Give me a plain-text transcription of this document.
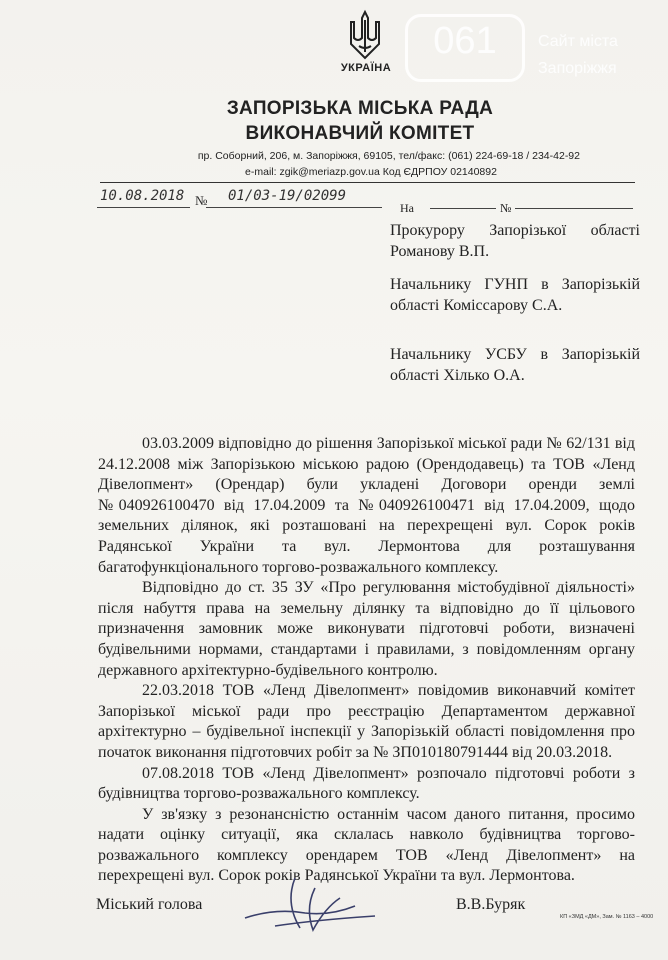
УКРАЇНА
061	Сайт міста
Запоріжжя
ЗАПОРІЗЬКА МІСЬКА РАДА
ВИКОНАВЧИЙ КОМІТЕТ
пр. Соборний, 206, м. Запоріжжя, 69105, тел/факс: (061) 224-69-18 / 234-42-92
e-mail: zgik@meriazp.gov.ua Код ЄДРПОУ 02140892
10.08.2018 № 01/03-19/02099
На	№
Прокурору Запорізької області Романову В.П.
Начальнику ГУНП в Запорізькій області Коміссарову С.А.
Начальнику УСБУ в Запорізькій області Хілько О.А.

03.03.2009 відповідно до рішення Запорізької міської ради № 62/131 від 24.12.2008 між Запорізькою міською радою (Орендодавець) та ТОВ «Ленд Дівелопмент» (Орендар) були укладені Договори оренди землі №040926100470 від 17.04.2009 та №040926100471 від 17.04.2009, щодо земельних ділянок, які розташовані на перехрещені вул. Сорок років Радянської України та вул. Лермонтова для розташування багатофункціонального торгово-розважального комплексу.

Відповідно до ст. 35 ЗУ «Про регулювання містобудівної діяльності» після набуття права на земельну ділянку та відповідно до її цільового призначення замовник може виконувати підготовчі роботи, визначені будівельними нормами, стандартами і правилами, з повідомленням органу державного архітектурно-будівельного контролю.

22.03.2018 ТОВ «Ленд Дівелопмент» повідомив виконавчий комітет Запорізької міської ради про реєстрацію Департаментом державної архітектурно – будівельної інспекції у Запорізькій області повідомлення про початок виконання підготовчих робіт за № ЗП010180791444 від 20.03.2018.

07.08.2018 ТОВ «Ленд Дівелопмент» розпочало підготовчі роботи з будівництва торгово-розважального комплексу.

У зв'язку з резонансністю останнім часом даного питання, просимо надати оцінку ситуації, яка склалась навколо будівництва торгово-розважального комплексу орендарем ТОВ «Ленд Дівелопмент» на перехрещені вул. Сорок років Радянської України та вул. Лермонтова.

Міський голова	В.В.Буряк
КП «ЗМД «ДМ», Зам. № 1163 – 4000
